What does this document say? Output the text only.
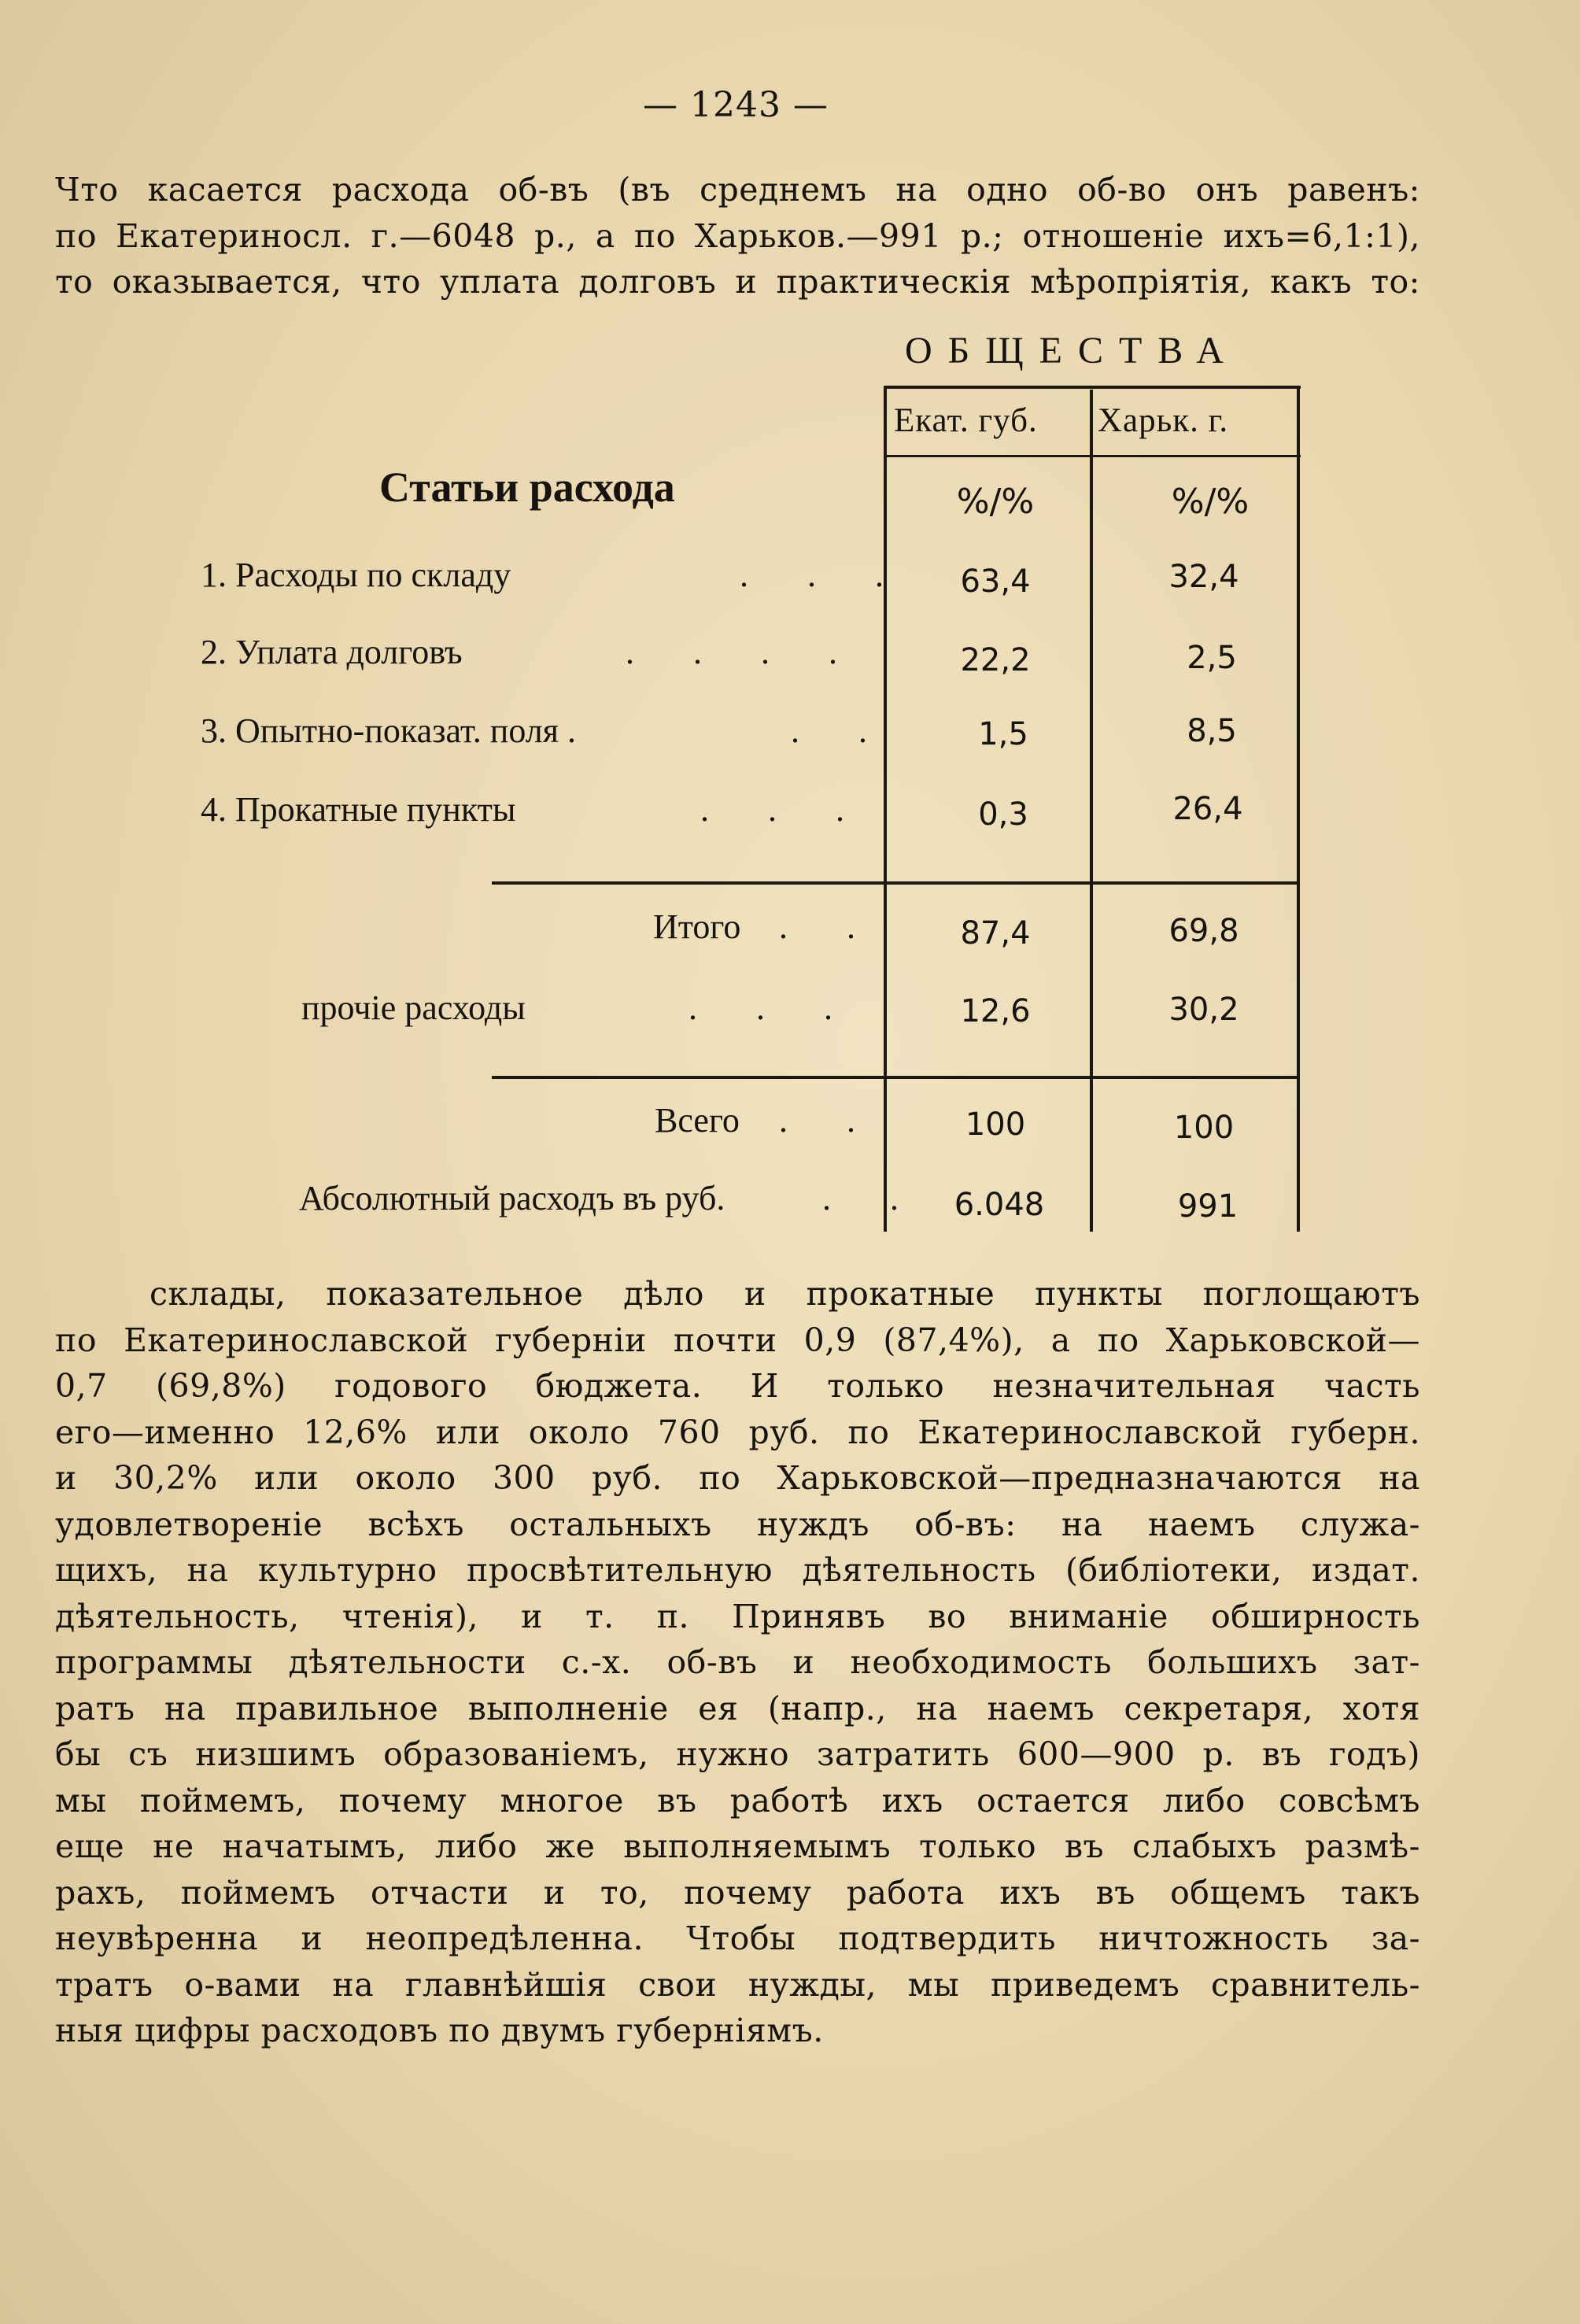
— 1243 —
Что касается расхода об-въ (въ среднемъ на одно об-во онъ равенъ:
по Екатериносл. г.—6048 р., а по Харьков.—991 р.; отношеніе ихъ=6,1:1),
то оказывается, что уплата долговъ и практическія мѣропріятія, какъ то:
ОБЩЕСТВА
Статьи расхода
Екат. губ. Харьк. г.
%/%	%/%
1. Расходы по складу	. . .	63,4	32,4
2. Уплата долговъ	. . . .	22,2	2,5
3. Опытно-показат. поля .	. .	1,5	8,5
4. Прокатные пункты	. . .	0,3	26,4
Итого . .	87,4	69,8
прочіе расходы	. . .	12,6	30,2
Всего . .	100	100
Абсолютный расходъ въ руб.	. . 6.048	991
склады, показательное дѣло и прокатные пункты поглощаютъ
по Екатеринославской губерніи почти 0,9 (87,4%), а по Харьковской—
0,7 (69,8%) годового бюджета. И только незначительная часть
его—именно 12,6% или около 760 руб. по Екатеринославской губерн.
и 30,2% или около 300 руб. по Харьковской—предназначаются на
удовлетвореніе всѣхъ остальныхъ нуждъ об-въ: на наемъ служа-
щихъ, на культурно просвѣтительную дѣятельность (библіотеки, издат.
дѣятельность, чтенія), и т. п. Принявъ во вниманіе обширность
программы дѣятельности с.-х. об-въ и необходимость большихъ зат-
ратъ на правильное выполненіе ея (напр., на наемъ секретаря, хотя
бы съ низшимъ образованіемъ, нужно затратить 600—900 р. въ годъ)
мы поймемъ, почему многое въ работѣ ихъ остается либо совсѣмъ
еще не начатымъ, либо же выполняемымъ только въ слабыхъ размѣ-
рахъ, поймемъ отчасти и то, почему работа ихъ въ общемъ такъ
неувѣренна и неопредѣленна. Чтобы подтвердить ничтожность за-
тратъ о-вами на главнѣйшія свои нужды, мы приведемъ сравнитель-
ныя цифры расходовъ по двумъ губерніямъ.
